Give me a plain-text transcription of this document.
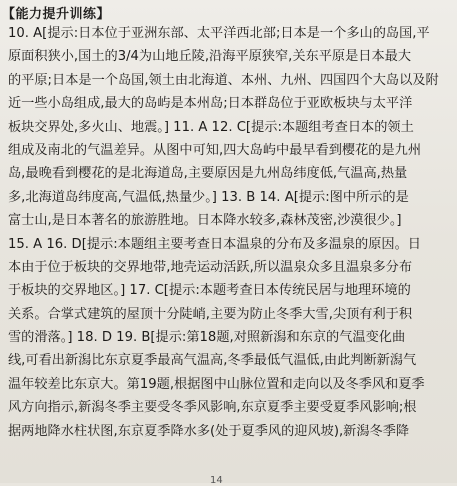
【能力提升训练】
10. A[提示:日本位于亚洲东部、太平洋西北部;日本是一个多山的岛国,平
原面积狭小,国土的3/4为山地丘陵,沿海平原狭窄,关东平原是日本最大
的平原;日本是一个岛国,领土由北海道、本州、九州、四国四个大岛以及附
近一些小岛组成,最大的岛屿是本州岛;日本群岛位于亚欧板块与太平洋
板块交界处,多火山、地震。] 11. A 12. C[提示:本题组考查日本的领土
组成及南北的气温差异。从图中可知,四大岛屿中最早看到樱花的是九州
岛,最晚看到樱花的是北海道岛,主要原因是九州岛纬度低,气温高,热量
多,北海道岛纬度高,气温低,热量少。] 13. B 14. A[提示:图中所示的是
富士山,是日本著名的旅游胜地。日本降水较多,森林茂密,沙漠很少。]
15. A 16. D[提示:本题组主要考查日本温泉的分布及多温泉的原因。日
本由于位于板块的交界地带,地壳运动活跃,所以温泉众多且温泉多分布
于板块的交界地区。] 17. C[提示:本题考查日本传统民居与地理环境的
关系。合掌式建筑的屋顶十分陡峭,主要为防止冬季大雪,尖顶有利于积
雪的滑落。] 18. D 19. B[提示:第18题,对照新潟和东京的气温变化曲
线,可看出新潟比东京夏季最高气温高,冬季最低气温低,由此判断新潟气
温年较差比东京大。第19题,根据图中山脉位置和走向以及冬季风和夏季
风方向指示,新潟冬季主要受冬季风影响,东京夏季主要受夏季风影响;根
据两地降水柱状图,东京夏季降水多(处于夏季风的迎风坡),新潟冬季降
14
